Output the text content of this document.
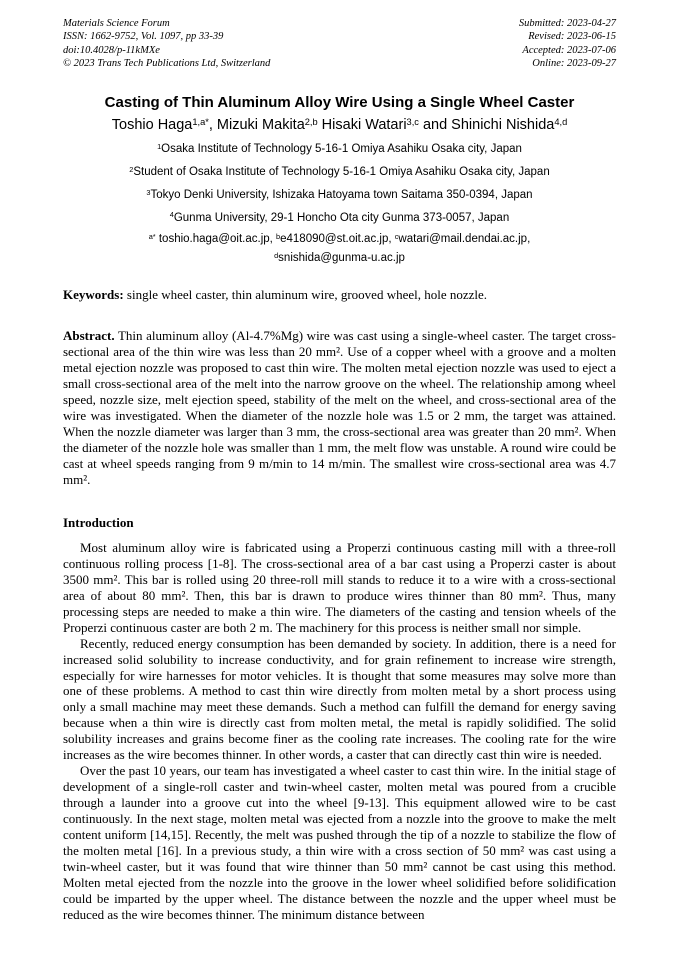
Materials Science Forum
ISSN: 1662-9752, Vol. 1097, pp 33-39
doi:10.4028/p-11kMXe
© 2023 Trans Tech Publications Ltd, Switzerland
Submitted: 2023-04-27
Revised: 2023-06-15
Accepted: 2023-07-06
Online: 2023-09-27
Casting of Thin Aluminum Alloy Wire Using a Single Wheel Caster
Toshio Haga$^{1,a*}$, Mizuki Makita$^{2,b}$ Hisaki Watari$^{3,c}$ and Shinichi Nishida$^{4,d}$
$^1$Osaka Institute of Technology 5-16-1 Omiya Asahiku Osaka city, Japan
$^2$Student of Osaka Institute of Technology 5-16-1 Omiya Asahiku Osaka city, Japan
$^3$Tokyo Denki University, Ishizaka Hatoyama town Saitama 350-0394, Japan
$^4$Gunma University, 29-1 Honcho Ota city Gunma 373-0057, Japan
$^{a*}$ toshio.haga@oit.ac.jp, $^b$e418090@st.oit.ac.jp, $^c$watari@mail.dendai.ac.jp,
$^d$snishida@gunma-u.ac.jp

Keywords: single wheel caster, thin aluminum wire, grooved wheel, hole nozzle.

Abstract. Thin aluminum alloy (Al-4.7%Mg) wire was cast using a single-wheel caster. The target cross-sectional area of the thin wire was less than 20 mm². Use of a copper wheel with a groove and a molten metal ejection nozzle was proposed to cast thin wire. The molten metal ejection nozzle was used to eject a small cross-sectional area of the melt into the narrow groove on the wheel. The relationship among wheel speed, nozzle size, melt ejection speed, stability of the melt on the wheel, and cross-sectional area of the wire was investigated. When the diameter of the nozzle hole was 1.5 or 2 mm, the target was attained. When the nozzle diameter was larger than 3 mm, the cross-sectional area was greater than 20 mm². When the diameter of the nozzle hole was smaller than 1 mm, the melt flow was unstable. A round wire could be cast at wheel speeds ranging from 9 m/min to 14 m/min. The smallest wire cross-sectional area was 4.7 mm².

Introduction

Most aluminum alloy wire is fabricated using a Properzi continuous casting mill with a three-roll continuous rolling process [1-8]. The cross-sectional area of a bar cast using a Properzi caster is about 3500 mm². This bar is rolled using 20 three-roll mill stands to reduce it to a wire with a cross-sectional area of about 80 mm². Then, this bar is drawn to produce wires thinner than 80 mm². Thus, many processing steps are needed to make a thin wire. The diameters of the casting and tension wheels of the Properzi continuous caster are both 2 m. The machinery for this process is neither small nor simple.

Recently, reduced energy consumption has been demanded by society. In addition, there is a need for increased solid solubility to increase conductivity, and for grain refinement to increase wire strength, especially for wire harnesses for motor vehicles. It is thought that some measures may solve more than one of these problems. A method to cast thin wire directly from molten metal by a short process using only a small machine may meet these demands. Such a method can fulfill the demand for energy saving because when a thin wire is directly cast from molten metal, the metal is rapidly solidified. The solid solubility increases and grains become finer as the cooling rate increases. The cooling rate for the wire increases as the wire becomes thinner. In other words, a caster that can directly cast thin wire is needed.

Over the past 10 years, our team has investigated a wheel caster to cast thin wire. In the initial stage of development of a single-roll caster and twin-wheel caster, molten metal was poured from a crucible through a launder into a groove cut into the wheel [9-13]. This equipment allowed wire to be cast continuously. In the next stage, molten metal was ejected from a nozzle into the groove to make the melt content uniform [14,15]. Recently, the melt was pushed through the tip of a nozzle to stabilize the flow of the molten metal [16]. In a previous study, a thin wire with a cross section of 50 mm² was cast using a twin-wheel caster, but it was found that wire thinner than 50 mm² cannot be cast using this method. Molten metal ejected from the nozzle into the groove in the lower wheel solidified before solidification could be imparted by the upper wheel. The distance between the nozzle and the upper wheel must be reduced as the wire becomes thinner. The minimum distance between
